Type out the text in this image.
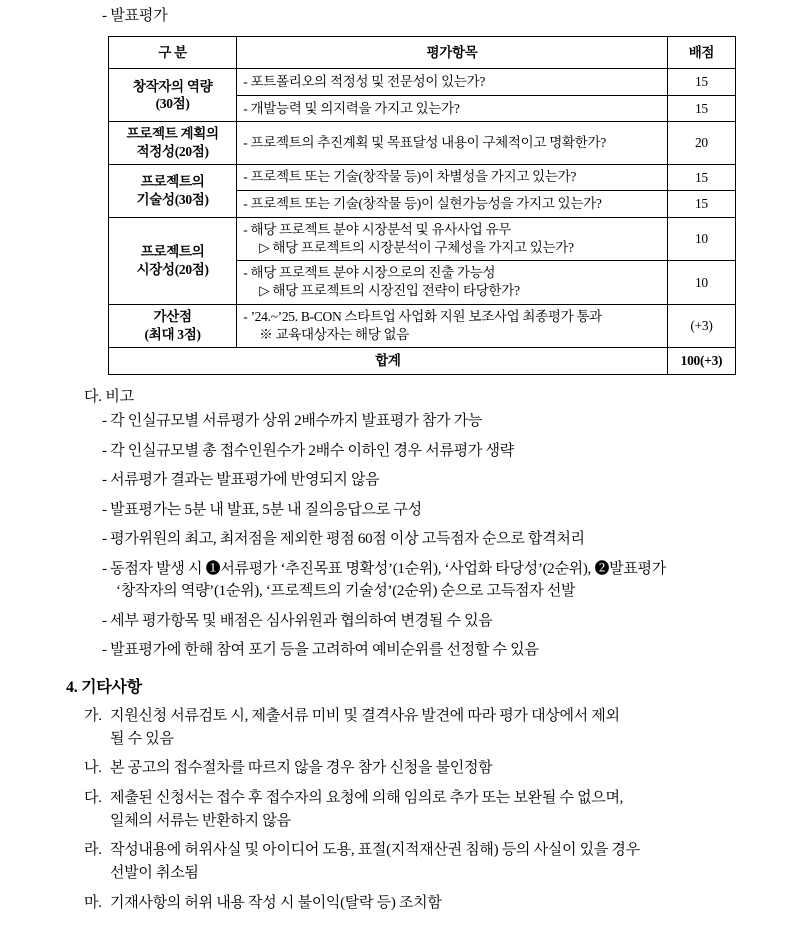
- 발표평가
구 분	평가항목	배점
창작자의 역량
(30점)	- 포트폴리오의 적정성 및 전문성이 있는가?	15
	- 개발능력 및 의지력을 가지고 있는가?	15
프로젝트 계획의
적정성(20점)	- 프로젝트의 추진계획 및 목표달성 내용이 구체적이고 명확한가?	20
프로젝트의
기술성(30점)	- 프로젝트 또는 기술(창작물 등)이 차별성을 가지고 있는가?	15
	- 프로젝트 또는 기술(창작물 등)이 실현가능성을 가지고 있는가?	15
프로젝트의
시장성(20점)	- 해당 프로젝트 분야 시장분석 및 유사사업 유무
▷ 해당 프로젝트의 시장분석이 구체성을 가지고 있는가?	10
	- 해당 프로젝트 분야 시장으로의 진출 가능성
▷ 해당 프로젝트의 시장진입 전략이 타당한가?	10
가산점
(최대 3점)	- ’24.~’25. B-CON 스타트업 사업화 지원 보조사업 최종평가 통과
※ 교육대상자는 해당 없음	(+3)
합계		100(+3)
다. 비고
- 각 인실규모별 서류평가 상위 2배수까지 발표평가 참가 가능
- 각 인실규모별 총 접수인원수가 2배수 이하인 경우 서류평가 생략
- 서류평가 결과는 발표평가에 반영되지 않음
- 발표평가는 5분 내 발표, 5분 내 질의응답으로 구성
- 평가위원의 최고, 최저점을 제외한 평점 60점 이상 고득점자 순으로 합격처리
- 동점자 발생 시 ❶서류평가 ‘추진목표 명확성’(1순위), ‘사업화 타당성’(2순위), ❷발표평가
‘창작자의 역량’(1순위), ‘프로젝트의 기술성’(2순위) 순으로 고득점자 선발
- 세부 평가항목 및 배점은 심사위원과 협의하여 변경될 수 있음
- 발표평가에 한해 참여 포기 등을 고려하여 예비순위를 선정할 수 있음
4. 기타사항
가. 지원신청 서류검토 시, 제출서류 미비 및 결격사유 발견에 따라 평가 대상에서 제외
될 수 있음
나. 본 공고의 접수절차를 따르지 않을 경우 참가 신청을 불인정함
다. 제출된 신청서는 접수 후 접수자의 요청에 의해 임의로 추가 또는 보완될 수 없으며,
일체의 서류는 반환하지 않음
라. 작성내용에 허위사실 및 아이디어 도용, 표절(지적재산권 침해) 등의 사실이 있을 경우
선발이 취소됨
마. 기재사항의 허위 내용 작성 시 불이익(탈락 등) 조치함
